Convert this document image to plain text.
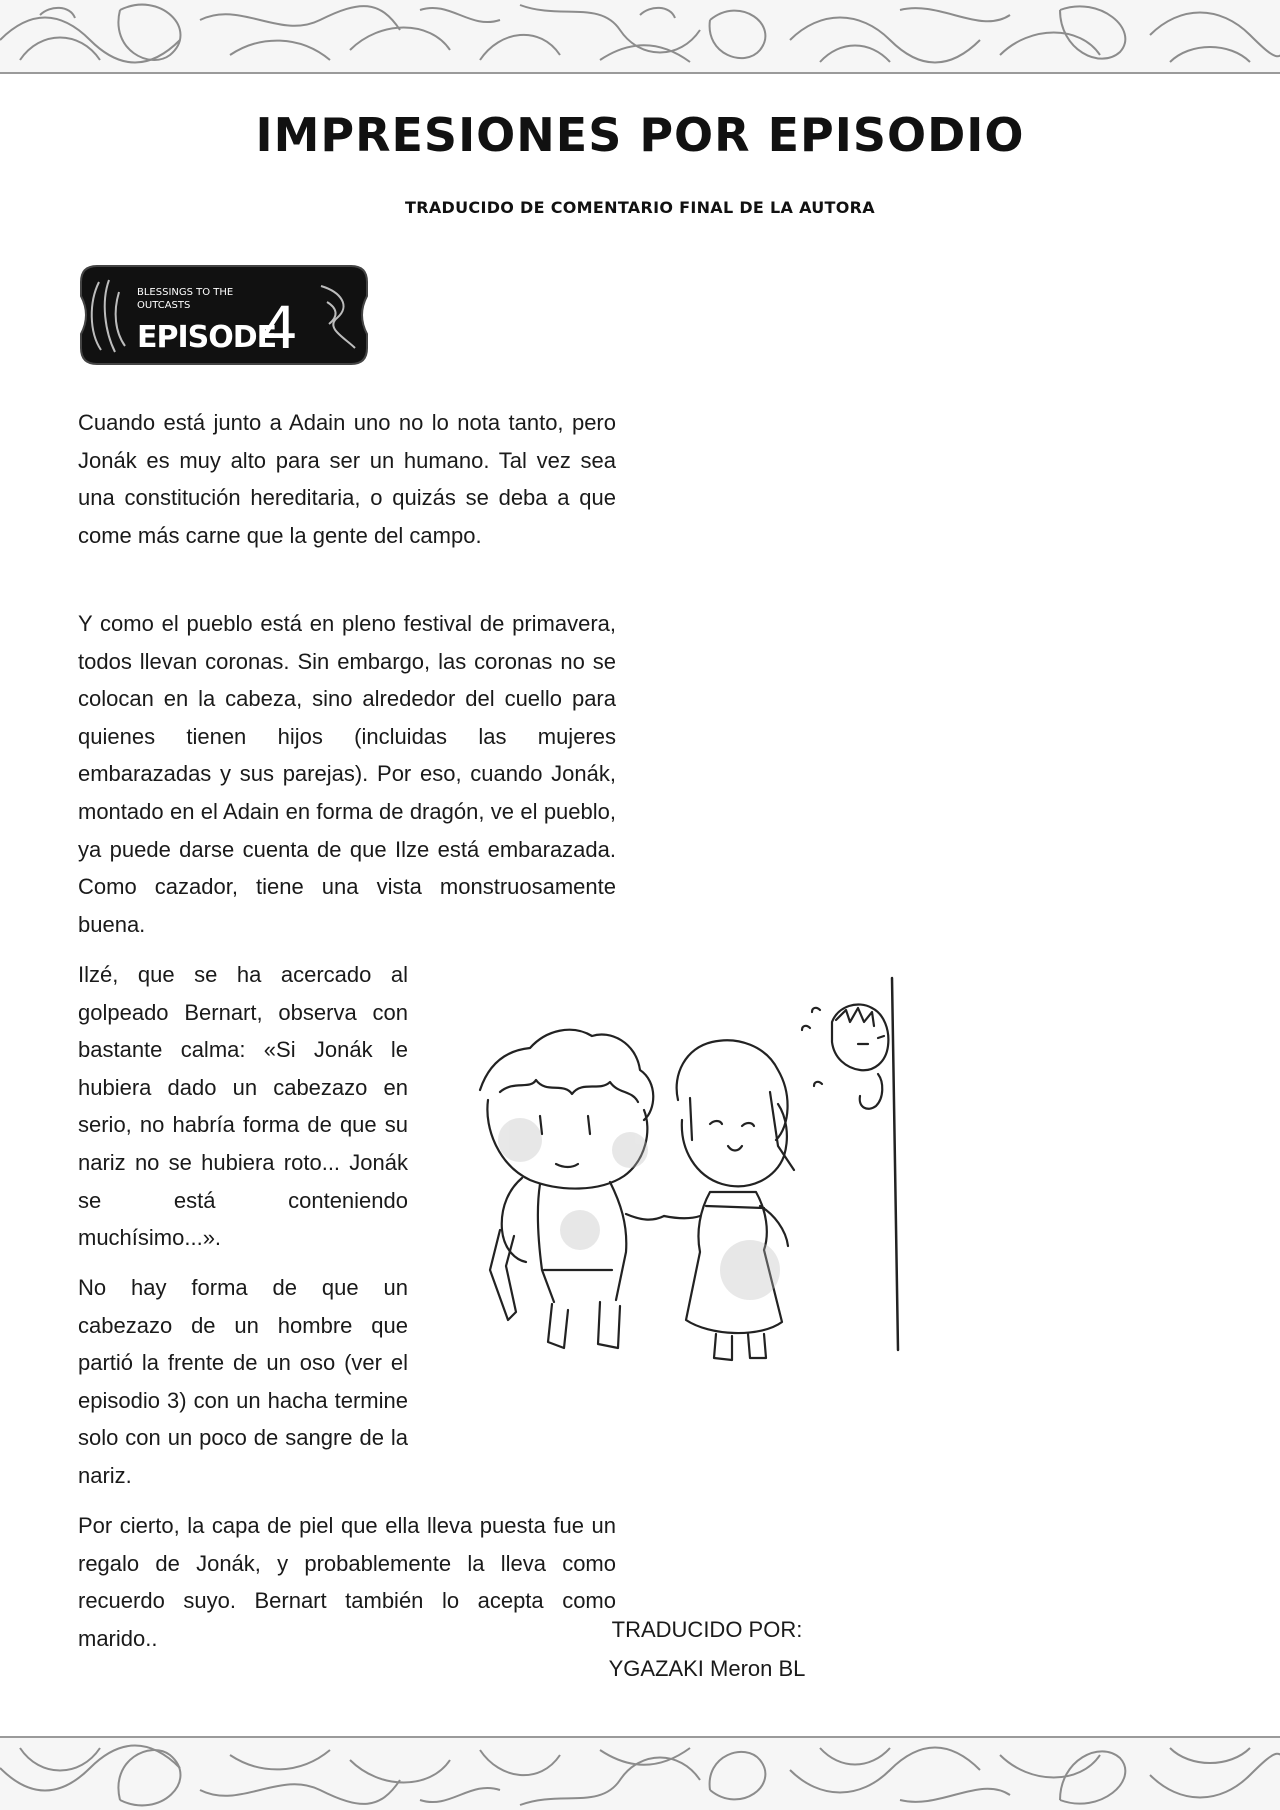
IMPRESIONES POR EPISODIO
TRADUCIDO DE COMENTARIO FINAL DE LA AUTORA
BLESSINGS TO THE
OUTCASTS
EPISODE
4

Cuando está junto a Adain uno no lo nota tanto, pero Jonák es muy alto para ser un humano. Tal vez sea una constitución hereditaria, o quizás se deba a que come más carne que la gente del campo.

Y como el pueblo está en pleno festival de primavera, todos llevan coronas. Sin embargo, las coronas no se colocan en la cabeza, sino alrededor del cuello para quienes tienen hijos (incluidas las mujeres embarazadas y sus parejas). Por eso, cuando Jonák, montado en el Adain en forma de dragón, ve el pueblo, ya puede darse cuenta de que Ilze está embarazada. Como cazador, tiene una vista monstruosamente buena.

Ilzé, que se ha acercado al golpeado Bernart, observa con bastante calma: «Si Jonák le hubiera dado un cabezazo en serio, no habría forma de que su nariz no se hubiera roto... Jonák se está conteniendo muchísimo...».

No hay forma de que un cabezazo de un hombre que partió la frente de un oso (ver el episodio 3) con un hacha termine solo con un poco de sangre de la nariz.

Por cierto, la capa de piel que ella lleva puesta fue un regalo de Jonák, y probablemente la lleva como recuerdo suyo. Bernart también lo acepta como marido..	TRADUCIDO POR:
YGAZAKI Meron BL
